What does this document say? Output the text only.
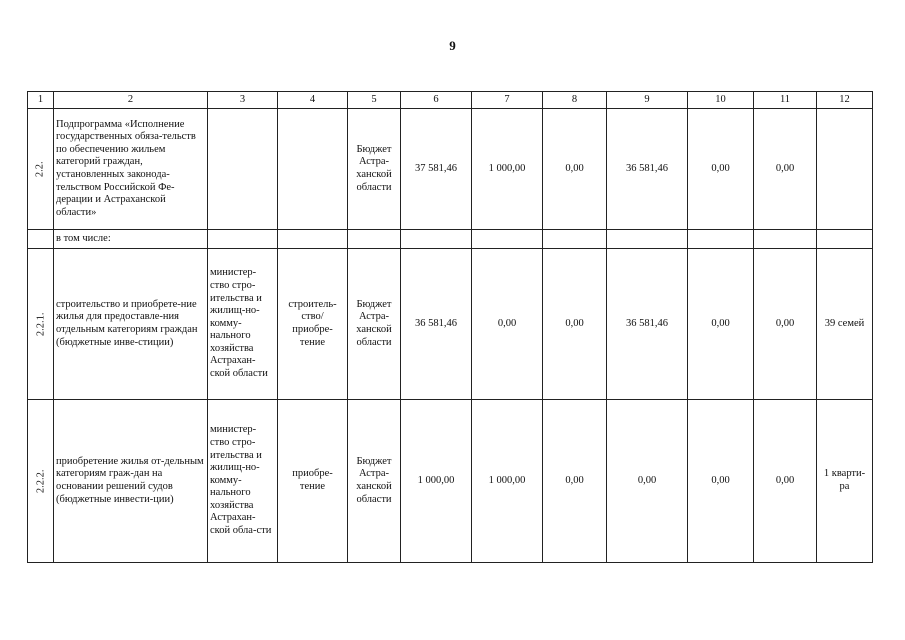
9
1	2	3	4	5	6	7	8	9	10	11	12
2.2.	Подпрограмма «Исполнение государственных обяза-тельств по обеспечению жильем категорий граждан, установленных законода-тельством Российской Фе-дерации и Астраханской области»			Бюджет Астра-ханской области	37 581,46	1 000,00	0,00	36 581,46	0,00	0,00	
	в том числе:										
2.2.1.	строительство и приобрете-ние жилья для предоставле-ния отдельным категориям граждан (бюджетные инве-стиции)	министер-ство стро-ительства и жилищ-но-комму-нального хозяйства Астрахан-ской области	строитель-ство/ приобре-тение	Бюджет Астра-ханской области	36 581,46	0,00	0,00	36 581,46	0,00	0,00	39 семей
2.2.2.	приобретение жилья от-дельным категориям граж-дан на основании решений судов (бюджетные инвести-ции)	министер-ство стро-ительства и жилищ-но-комму-нального хозяйства Астрахан-ской обла-сти	приобре-тение	Бюджет Астра-ханской области	1 000,00	1 000,00	0,00	0,00	0,00	0,00	1 кварти-ра
